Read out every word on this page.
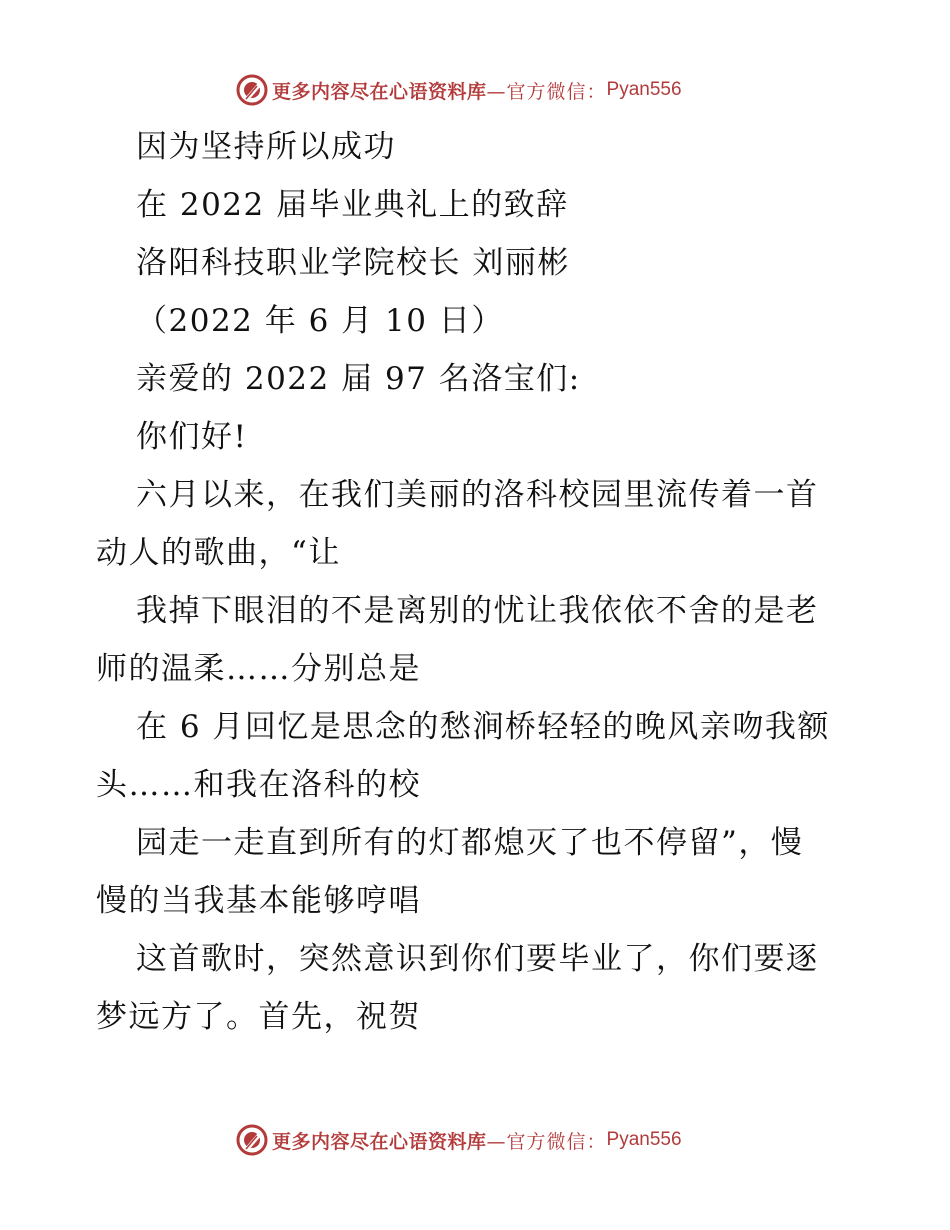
更多内容尽在心语资料库 —官方微信： Pyan556
因为坚持所以成功
在 2022 届毕业典礼上的致辞
洛阳科技职业学院校长 刘丽彬
（2022 年 6 月 10 日）
亲爱的 2022 届 97 名洛宝们:
你们好!
六月以来，在我们美丽的洛科校园里流传着一首
动人的歌曲，“让
我掉下眼泪的不是离别的忧让我依依不舍的是老
师的温柔……分别总是
在 6 月回忆是思念的愁涧桥轻轻的晚风亲吻我额
头……和我在洛科的校
园走一走直到所有的灯都熄灭了也不停留”，慢
慢的当我基本能够哼唱
这首歌时，突然意识到你们要毕业了，你们要逐
梦远方了。首先，祝贺
更多内容尽在心语资料库 —官方微信： Pyan556
